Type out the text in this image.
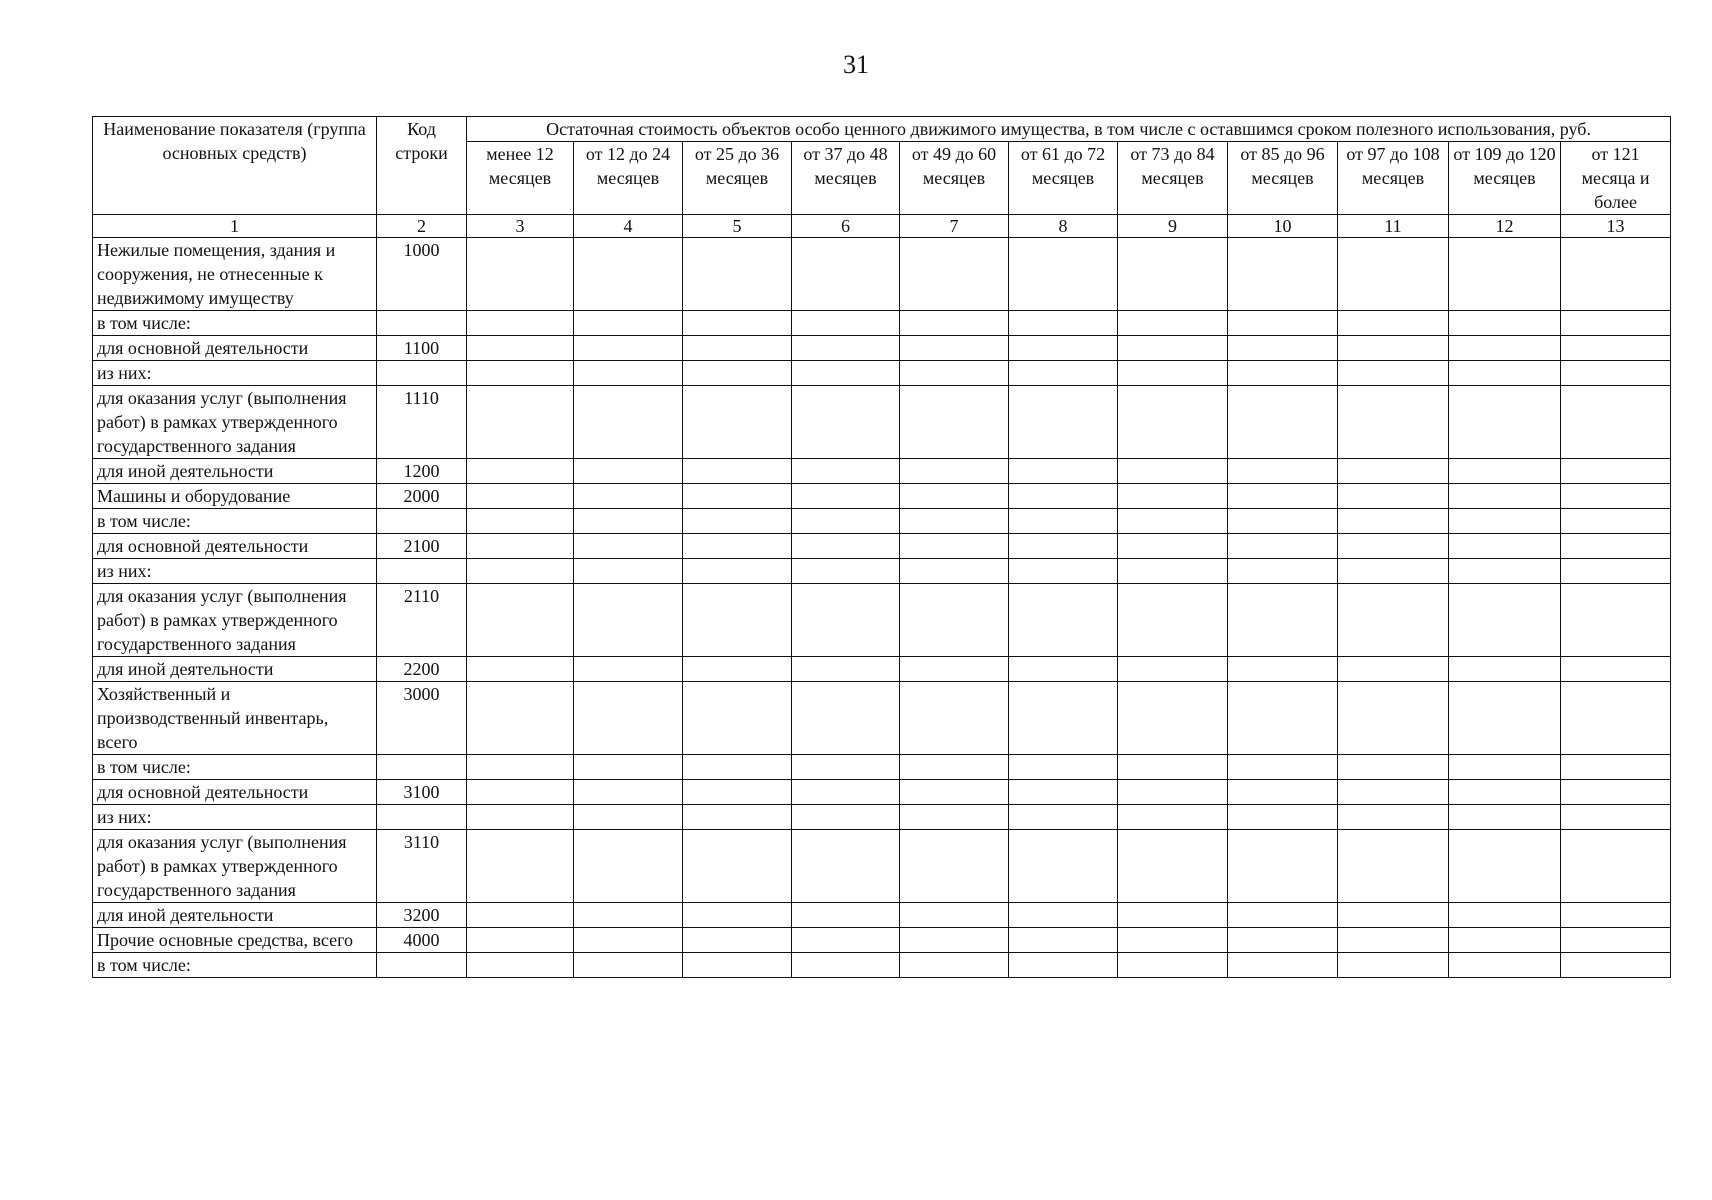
31
Наименование показателя (группа основных средств)	Код строки	Остаточная стоимость объектов особо ценного движимого имущества, в том числе с оставшимся сроком полезного использования, руб.										
		менее 12 месяцев	от 12 до 24 месяцев	от 25 до 36 месяцев	от 37 до 48 месяцев	от 49 до 60 месяцев	от 61 до 72 месяцев	от 73 до 84 месяцев	от 85 до 96 месяцев	от 97 до 108 месяцев	от 109 до 120 месяцев	от 121 месяца и более
1	2	3	4	5	6	7	8	9	10	11	12	13
Нежилые помещения, здания и сооружения, не отнесенные к недвижимому имуществу	1000											
в том числе:												
для основной деятельности	1100											
из них:												
для оказания услуг (выполнения работ) в рамках утвержденного государственного задания	1110											
для иной деятельности	1200											
Машины и оборудование	2000											
в том числе:												
для основной деятельности	2100											
из них:												
для оказания услуг (выполнения работ) в рамках утвержденного государственного задания	2110											
для иной деятельности	2200											
Хозяйственный и производственный инвентарь, всего	3000											
в том числе:												
для основной деятельности	3100											
из них:												
для оказания услуг (выполнения работ) в рамках утвержденного государственного задания	3110											
для иной деятельности	3200											
Прочие основные средства, всего	4000											
в том числе:												
